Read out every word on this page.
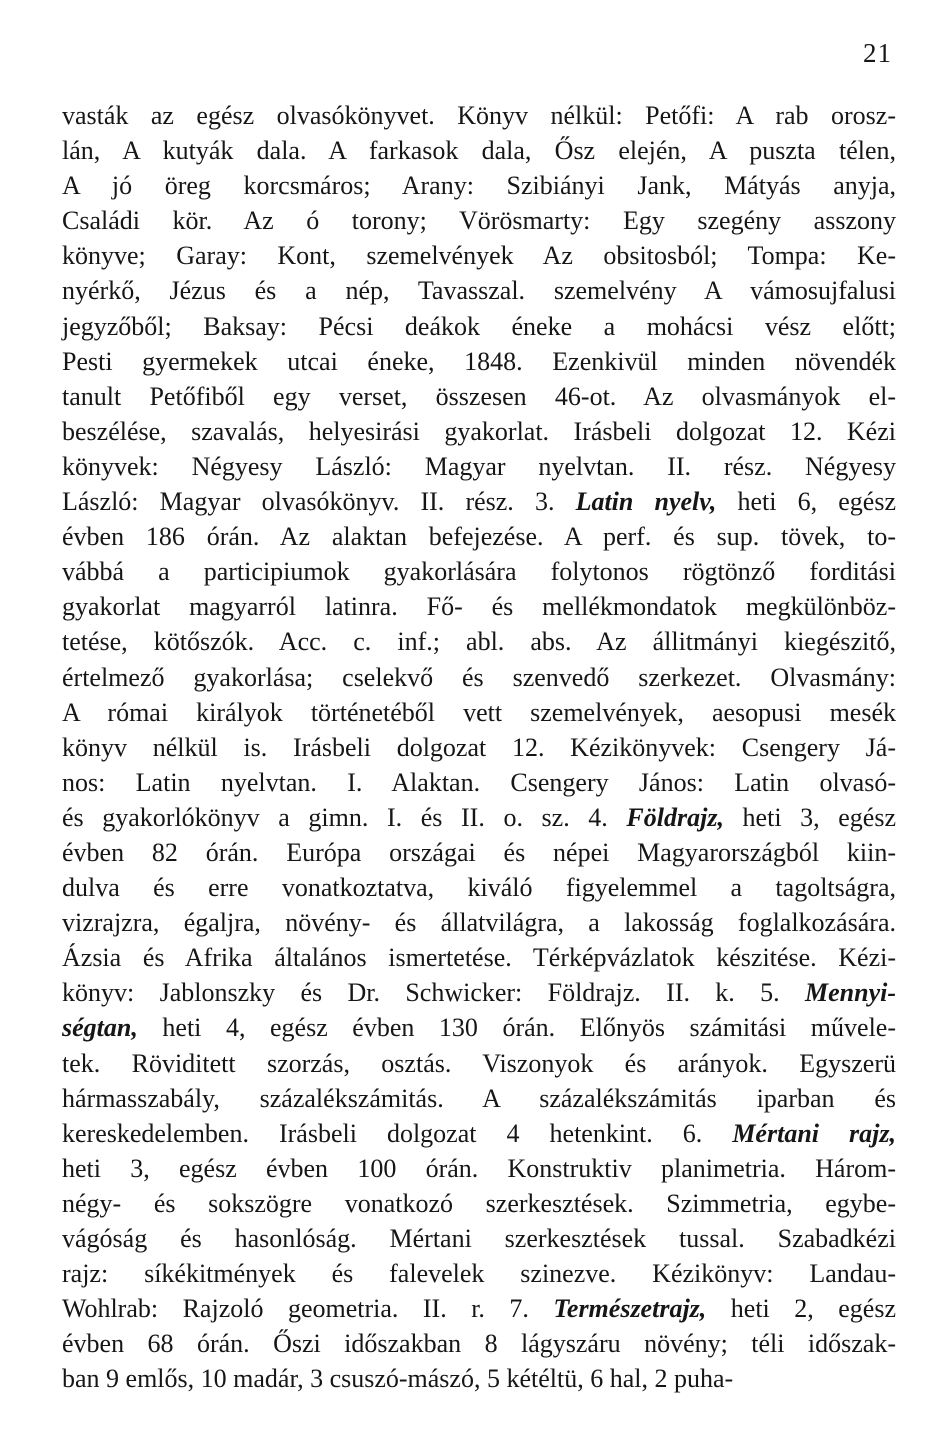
21
vasták az egész olvasókönyvet. Könyv nélkül: Petőfi: A rab orosz-
lán, A kutyák dala. A farkasok dala, Ősz elején, A puszta télen,
A jó öreg korcsmáros; Arany: Szibiányi Jank, Mátyás anyja,
Családi kör. Az ó torony; Vörösmarty: Egy szegény asszony
könyve; Garay: Kont, szemelvények Az obsitosból; Tompa: Ke-
nyérkő, Jézus és a nép, Tavasszal. szemelvény A vámosujfalusi
jegyzőből; Baksay: Pécsi deákok éneke a mohácsi vész előtt;
Pesti gyermekek utcai éneke, 1848. Ezenkivül minden növendék
tanult Petőfiből egy verset, összesen 46-ot. Az olvasmányok el-
beszélése, szavalás, helyesirási gyakorlat. Irásbeli dolgozat 12. Kézi
könyvek: Négyesy László: Magyar nyelvtan. II. rész. Négyesy
László: Magyar olvasókönyv. II. rész. 3. Latin nyelv, heti 6, egész
évben 186 órán. Az alaktan befejezése. A perf. és sup. tövek, to-
vábbá a participiumok gyakorlására folytonos rögtönző forditási
gyakorlat magyarról latinra. Fő- és mellékmondatok megkülönböz-
tetése, kötőszók. Acc. c. inf.; abl. abs. Az állitmányi kiegészitő,
értelmező gyakorlása; cselekvő és szenvedő szerkezet. Olvasmány:
A római királyok történetéből vett szemelvények, aesopusi mesék
könyv nélkül is. Irásbeli dolgozat 12. Kézikönyvek: Csengery Já-
nos: Latin nyelvtan. I. Alaktan. Csengery János: Latin olvasó-
és gyakorlókönyv a gimn. I. és II. o. sz. 4. Földrajz, heti 3, egész
évben 82 órán. Európa országai és népei Magyarországból kiin-
dulva és erre vonatkoztatva, kiváló figyelemmel a tagoltságra,
vizrajzra, égaljra, növény- és állatvilágra, a lakosság foglalkozására.
Ázsia és Afrika általános ismertetése. Térképvázlatok készitése. Kézi-
könyv: Jablonszky és Dr. Schwicker: Földrajz. II. k. 5. Mennyi-
ségtan, heti 4, egész évben 130 órán. Előnyös számitási művele-
tek. Röviditett szorzás, osztás. Viszonyok és arányok. Egyszerü
hármasszabály, százalékszámitás. A százalékszámitás iparban és
kereskedelemben. Irásbeli dolgozat 4 hetenkint. 6. Mértani rajz,
heti 3, egész évben 100 órán. Konstruktiv planimetria. Három-
négy- és sokszögre vonatkozó szerkesztések. Szimmetria, egybe-
vágóság és hasonlóság. Mértani szerkesztések tussal. Szabadkézi
rajz: síkékitmények és falevelek szinezve. Kézikönyv: Landau-
Wohlrab: Rajzoló geometria. II. r. 7. Természetrajz, heti 2, egész
évben 68 órán. Őszi időszakban 8 lágyszáru növény; téli időszak-
ban 9 emlős, 10 madár, 3 csuszó-mászó, 5 kétéltü, 6 hal, 2 puha-
